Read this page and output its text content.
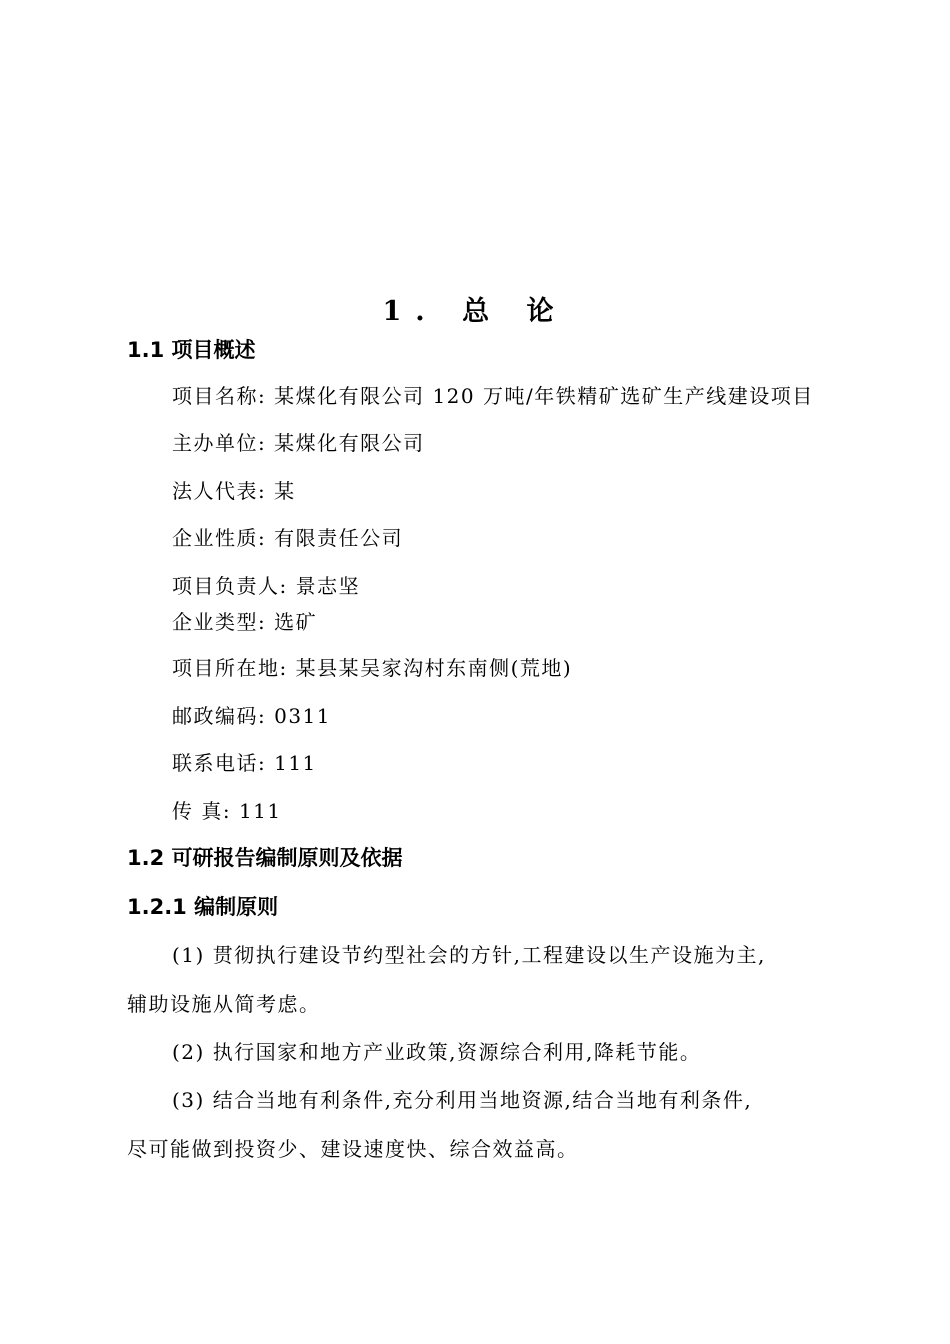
1. 总 论
1.1 项目概述
项目名称: 某煤化有限公司 120 万吨/年铁精矿选矿生产线建设项目
主办单位: 某煤化有限公司
法人代表: 某
企业性质: 有限责任公司
项目负责人: 景志坚
企业类型: 选矿
项目所在地: 某县某吴家沟村东南侧(荒地)
邮政编码: 0311
联系电话: 111
传 真: 111
1.2 可研报告编制原则及依据
1.2.1 编制原则
(1) 贯彻执行建设节约型社会的方针,工程建设以生产设施为主,
辅助设施从简考虑。
(2) 执行国家和地方产业政策,资源综合利用,降耗节能。
(3) 结合当地有利条件,充分利用当地资源,结合当地有利条件,
尽可能做到投资少、建设速度快、综合效益高。
